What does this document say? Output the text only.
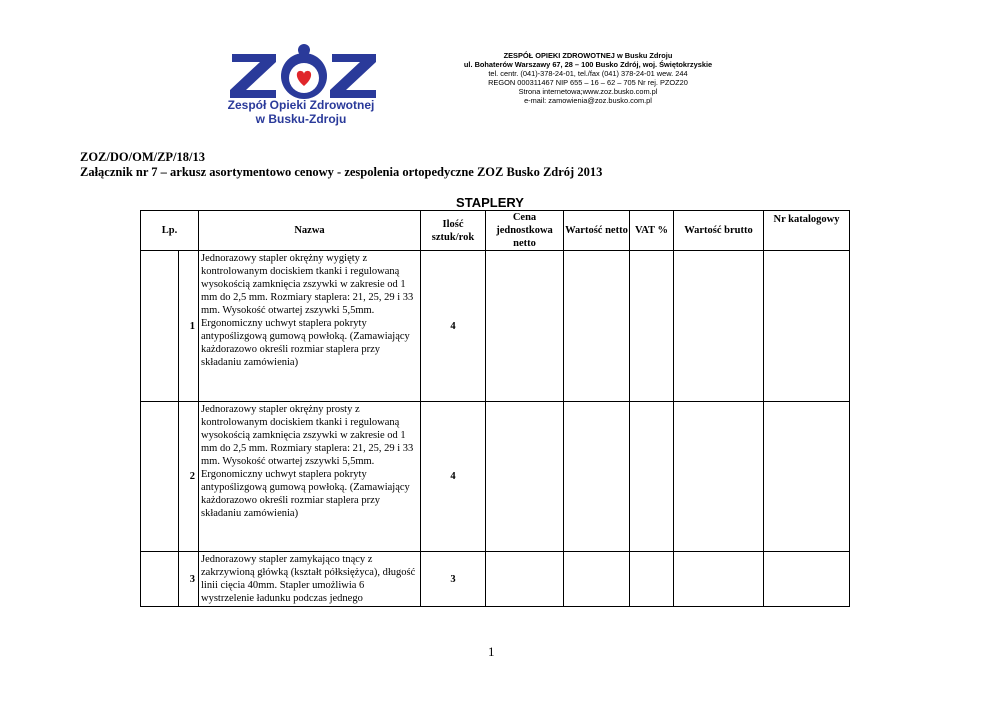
Zespół Opieki Zdrowotnej
w Busku-Zdroju
ZESPÓŁ OPIEKI ZDROWOTNEJ w Busku Zdroju
ul. Bohaterów Warszawy 67, 28 – 100 Busko Zdrój, woj. Świętokrzyskie
tel. centr. (041)-378-24-01, tel./fax (041) 378-24-01 wew. 244
REGON 000311467 NIP 655 – 16 – 62 – 705 Nr rej. PZOZ20
Strona internetowa;www.zoz.busko.com.pl
e-mail: zamowienia@zoz.busko.com.pl
ZOZ/DO/OM/ZP/18/13
Załącznik nr 7 – arkusz asortymentowo cenowy - zespolenia ortopedyczne ZOZ Busko Zdrój 2013
STAPLERY
Lp.		Nazwa	Ilość sztuk/rok	Cena jednostkowa netto	Wartość netto	VAT %	Wartość brutto	Nr katalogowy
	1	Jednorazowy stapler okrężny wygięty z kontrolowanym dociskiem tkanki i regulowaną wysokością zamknięcia zszywki w zakresie od 1 mm do 2,5 mm. Rozmiary staplera: 21, 25, 29 i 33 mm. Wysokość otwartej zszywki 5,5mm. Ergonomiczny uchwyt staplera pokryty antypoślizgową gumową powłoką. (Zamawiający każdorazowo określi rozmiar staplera przy składaniu zamówienia)	4					
	2	Jednorazowy stapler okrężny prosty z kontrolowanym dociskiem tkanki i regulowaną wysokością zamknięcia zszywki w zakresie od 1 mm do 2,5 mm. Rozmiary staplera: 21, 25, 29 i 33 mm. Wysokość otwartej zszywki 5,5mm. Ergonomiczny uchwyt staplera pokryty antypoślizgową gumową powłoką. (Zamawiający każdorazowo określi rozmiar staplera przy składaniu zamówienia)	4					
	3	Jednorazowy stapler zamykająco tnący z zakrzywioną główką (kształt półksiężyca), długość linii cięcia 40mm. Stapler umożliwia 6 wystrzelenie ładunku podczas jednego	3					
1
